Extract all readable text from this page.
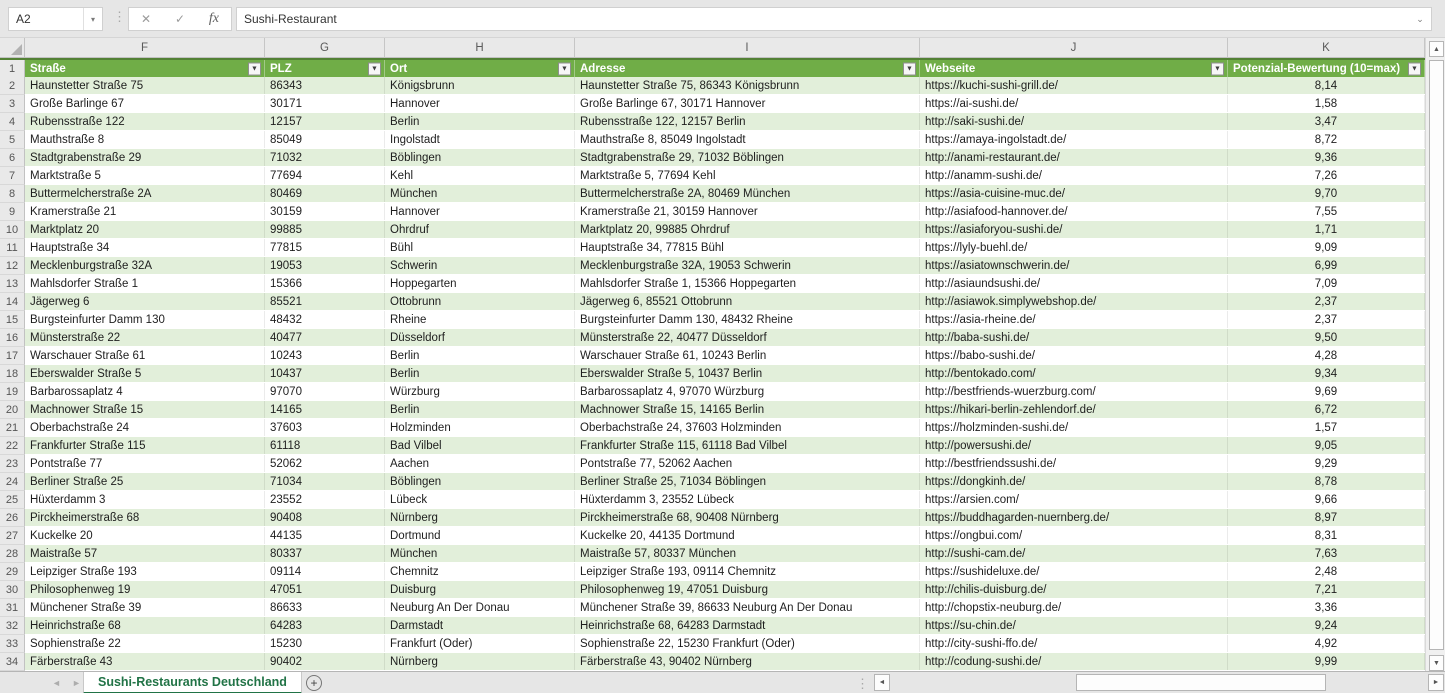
A2	▾	⋮ ✕ ✓ fx	Sushi-Restaurant	⌄
F	G	H	I	J	K
1	Straße	▼ PLZ	▼ Ort	▼ Adresse	▼ Webseite	▼ Potenzial-Bewertung (10=max)	▼
2	Haunstetter Straße 75	86343	Königsbrunn	Haunstetter Straße 75, 86343 Königsbrunn	https://kuchi-sushi-grill.de/	8,14
3	Große Barlinge 67	30171	Hannover	Große Barlinge 67, 30171 Hannover	https://ai-sushi.de/	1,58
4	Rubensstraße 122	12157	Berlin	Rubensstraße 122, 12157 Berlin	http://saki-sushi.de/	3,47
5	Mauthstraße 8	85049	Ingolstadt	Mauthstraße 8, 85049 Ingolstadt	https://amaya-ingolstadt.de/	8,72
6	Stadtgrabenstraße 29	71032	Böblingen	Stadtgrabenstraße 29, 71032 Böblingen	http://anami-restaurant.de/	9,36
7	Marktstraße 5	77694	Kehl	Marktstraße 5, 77694 Kehl	http://anamm-sushi.de/	7,26
8	Buttermelcherstraße 2A	80469	München	Buttermelcherstraße 2A, 80469 München	https://asia-cuisine-muc.de/	9,70
9	Kramerstraße 21	30159	Hannover	Kramerstraße 21, 30159 Hannover	http://asiafood-hannover.de/	7,55
10	Marktplatz 20	99885	Ohrdruf	Marktplatz 20, 99885 Ohrdruf	https://asiaforyou-sushi.de/	1,71
11	Hauptstraße 34	77815	Bühl	Hauptstraße 34, 77815 Bühl	https://lyly-buehl.de/	9,09
12	Mecklenburgstraße 32A	19053	Schwerin	Mecklenburgstraße 32A, 19053 Schwerin	https://asiatownschwerin.de/	6,99
13	Mahlsdorfer Straße 1	15366	Hoppegarten	Mahlsdorfer Straße 1, 15366 Hoppegarten	http://asiaundsushi.de/	7,09
14	Jägerweg 6	85521	Ottobrunn	Jägerweg 6, 85521 Ottobrunn	http://asiawok.simplywebshop.de/	2,37
15	Burgsteinfurter Damm 130	48432	Rheine	Burgsteinfurter Damm 130, 48432 Rheine	https://asia-rheine.de/	2,37
16	Münsterstraße 22	40477	Düsseldorf	Münsterstraße 22, 40477 Düsseldorf	http://baba-sushi.de/	9,50
17	Warschauer Straße 61	10243	Berlin	Warschauer Straße 61, 10243 Berlin	https://babo-sushi.de/	4,28
18	Eberswalder Straße 5	10437	Berlin	Eberswalder Straße 5, 10437 Berlin	http://bentokado.com/	9,34
19	Barbarossaplatz 4	97070	Würzburg	Barbarossaplatz 4, 97070 Würzburg	http://bestfriends-wuerzburg.com/	9,69
20	Machnower Straße 15	14165	Berlin	Machnower Straße 15, 14165 Berlin	https://hikari-berlin-zehlendorf.de/	6,72
21	Oberbachstraße 24	37603	Holzminden	Oberbachstraße 24, 37603 Holzminden	https://holzminden-sushi.de/	1,57
22	Frankfurter Straße 115	61118	Bad Vilbel	Frankfurter Straße 115, 61118 Bad Vilbel	http://powersushi.de/	9,05
23	Pontstraße 77	52062	Aachen	Pontstraße 77, 52062 Aachen	http://bestfriendssushi.de/	9,29
24	Berliner Straße 25	71034	Böblingen	Berliner Straße 25, 71034 Böblingen	https://dongkinh.de/	8,78
25	Hüxterdamm 3	23552	Lübeck	Hüxterdamm 3, 23552 Lübeck	https://arsien.com/	9,66
26	Pirckheimerstraße 68	90408	Nürnberg	Pirckheimerstraße 68, 90408 Nürnberg	https://buddhagarden-nuernberg.de/	8,97
27	Kuckelke 20	44135	Dortmund	Kuckelke 20, 44135 Dortmund	https://ongbui.com/	8,31
28	Maistraße 57	80337	München	Maistraße 57, 80337 München	http://sushi-cam.de/	7,63
29	Leipziger Straße 193	09114	Chemnitz	Leipziger Straße 193, 09114 Chemnitz	https://sushideluxe.de/	2,48
30	Philosophenweg 19	47051	Duisburg	Philosophenweg 19, 47051 Duisburg	http://chilis-duisburg.de/	7,21
31	Münchener Straße 39	86633	Neuburg An Der Donau	Münchener Straße 39, 86633 Neuburg An Der Donau	http://chopstix-neuburg.de/	3,36
32	Heinrichstraße 68	64283	Darmstadt	Heinrichstraße 68, 64283 Darmstadt	https://su-chin.de/	9,24
33	Sophienstraße 22	15230	Frankfurt (Oder)	Sophienstraße 22, 15230 Frankfurt (Oder)	http://city-sushi-ffo.de/	4,92
34	Färberstraße 43	90402	Nürnberg	Färberstraße 43, 90402 Nürnberg	http://codung-sushi.de/	9,99
▲
▼
◄ ►	Sushi-Restaurants Deutschland	+	⋮	◄	►
